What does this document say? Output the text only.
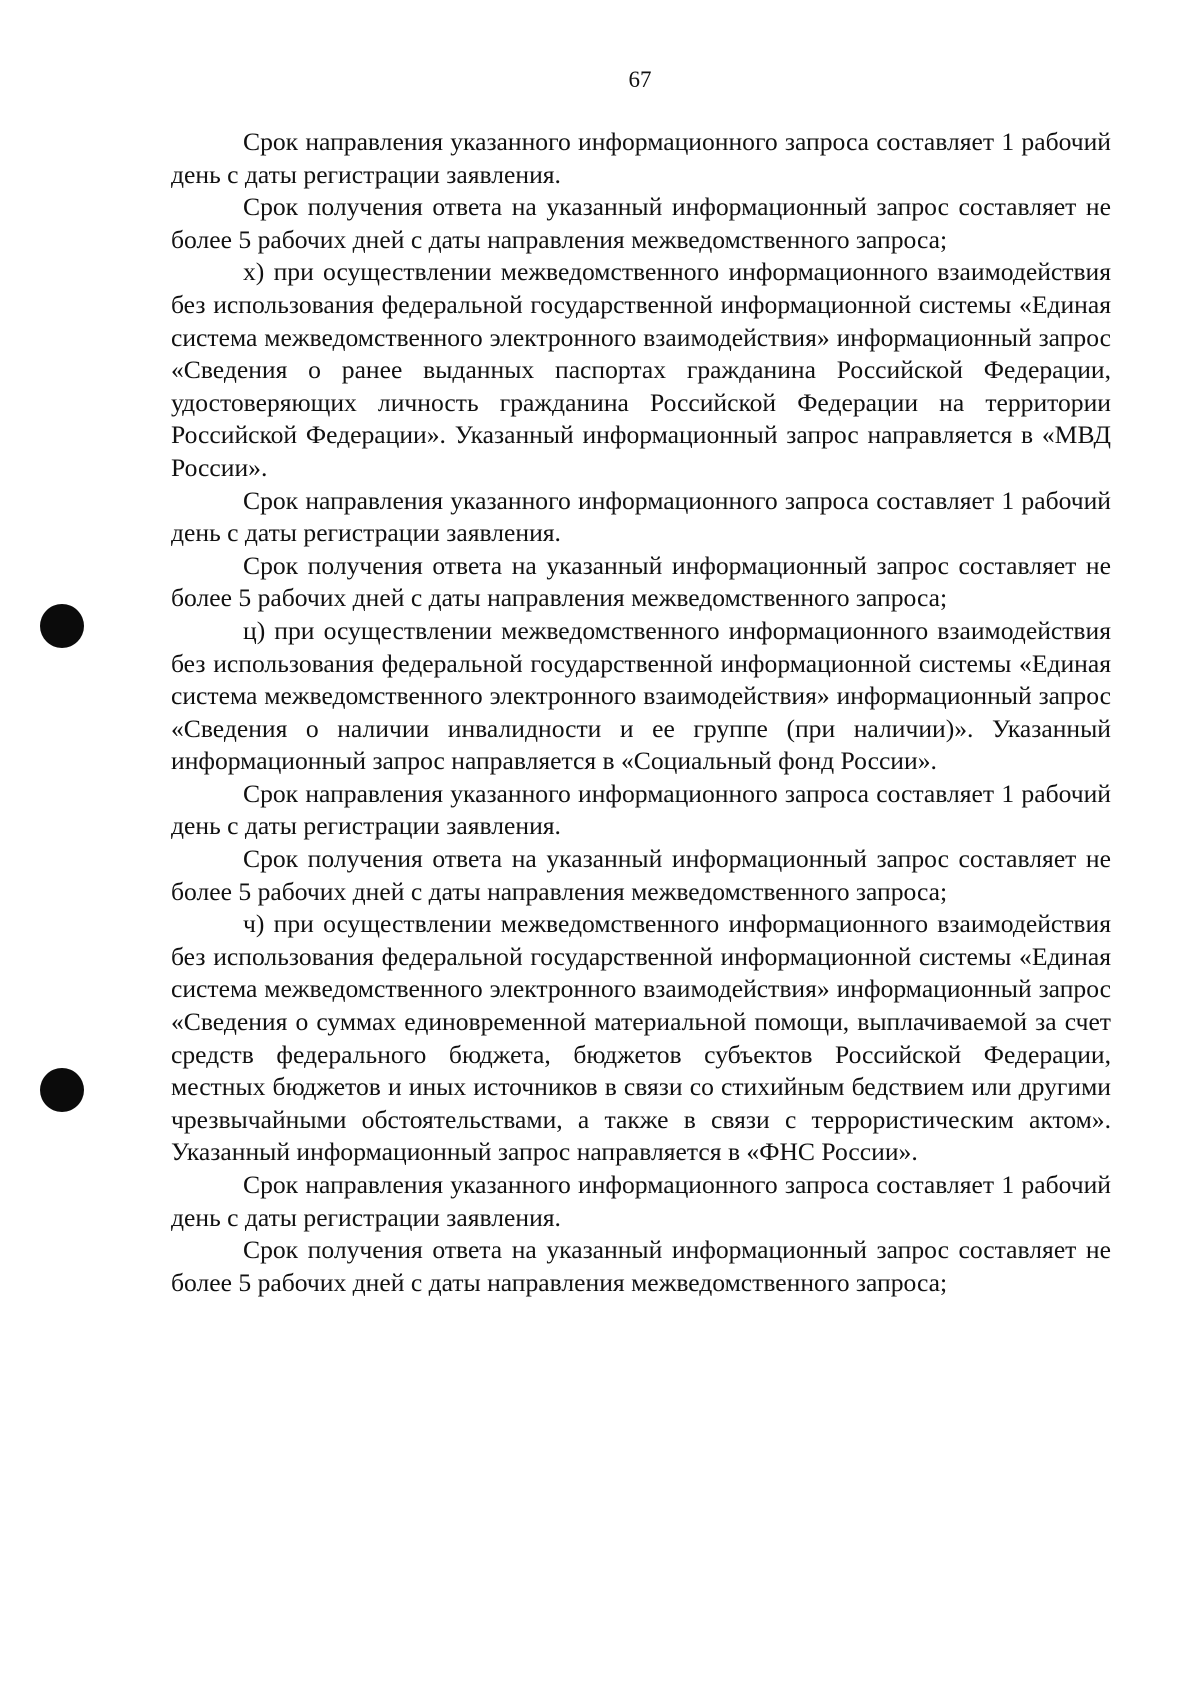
67

Срок направления указанного информационного запроса составляет 1 рабочий день с даты регистрации заявления.

Срок получения ответа на указанный информационный запрос составляет не более 5 рабочих дней с даты направления межведомственного запроса;

х) при осуществлении межведомственного информационного взаимодействия без использования федеральной государственной информационной системы «Единая система межведомственного электронного взаимодействия» информационный запрос «Сведения о ранее выданных паспортах гражданина Российской Федерации, удостоверяющих личность гражданина Российской Федерации на территории Российской Федерации». Указанный информационный запрос направляется в «МВД России».

Срок направления указанного информационного запроса составляет 1 рабочий день с даты регистрации заявления.

Срок получения ответа на указанный информационный запрос составляет не более 5 рабочих дней с даты направления межведомственного запроса;

ц) при осуществлении межведомственного информационного взаимодействия без использования федеральной государственной информационной системы «Единая система межведомственного электронного взаимодействия» информационный запрос «Сведения о наличии инвалидности и ее группе (при наличии)». Указанный информационный запрос направляется в «Социальный фонд России».

Срок направления указанного информационного запроса составляет 1 рабочий день с даты регистрации заявления.

Срок получения ответа на указанный информационный запрос составляет не более 5 рабочих дней с даты направления межведомственного запроса;

ч) при осуществлении межведомственного информационного взаимодействия без использования федеральной государственной информационной системы «Единая система межведомственного электронного взаимодействия» информационный запрос «Сведения о суммах единовременной материальной помощи, выплачиваемой за счет средств федерального бюджета, бюджетов субъектов Российской Федерации, местных бюджетов и иных источников в связи со стихийным бедствием или другими чрезвычайными обстоятельствами, а также в связи с террористическим актом». Указанный информационный запрос направляется в «ФНС России».

Срок направления указанного информационного запроса составляет 1 рабочий день с даты регистрации заявления.

Срок получения ответа на указанный информационный запрос составляет не более 5 рабочих дней с даты направления межведомственного запроса;
